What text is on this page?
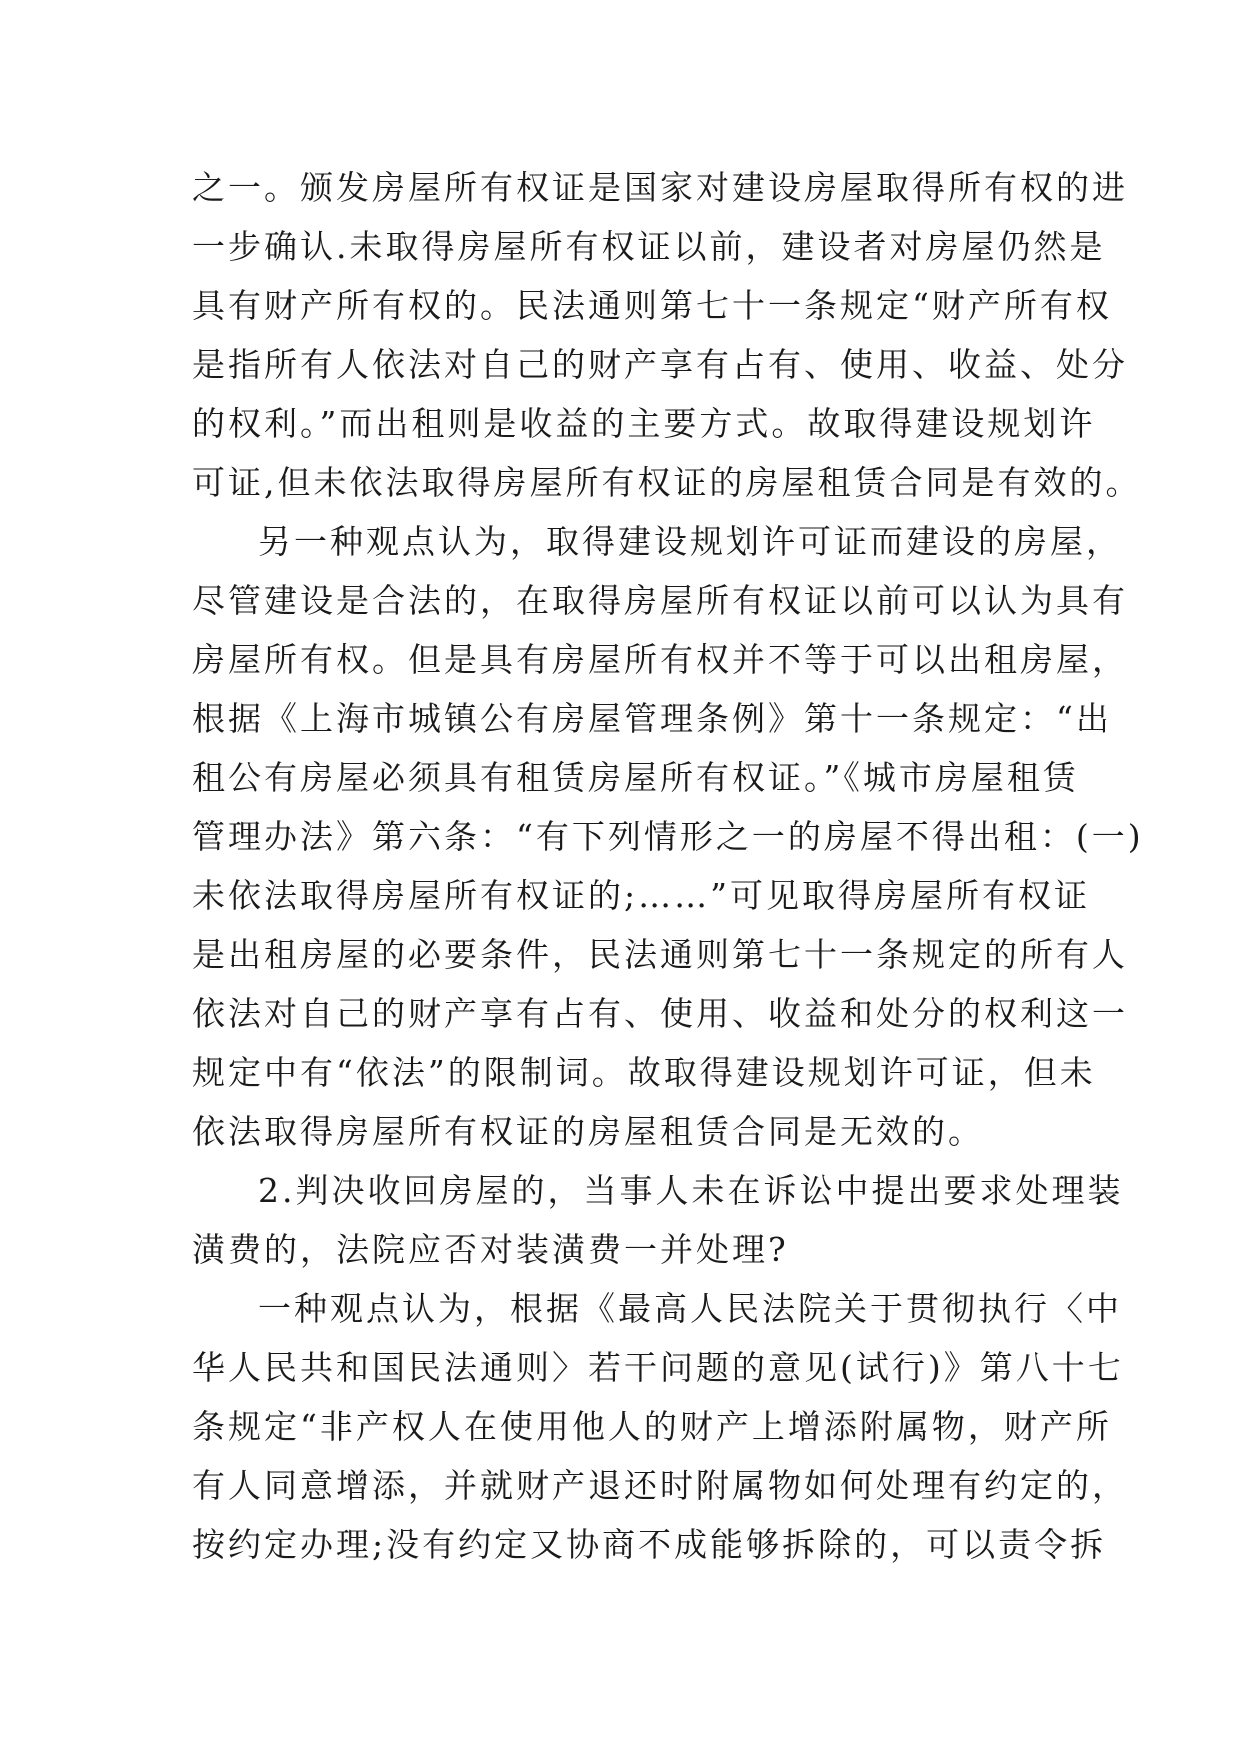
之一。颁发房屋所有权证是国家对建设房屋取得所有权的进
一步确认.未取得房屋所有权证以前，建设者对房屋仍然是
具有财产所有权的。民法通则第七十一条规定“财产所有权
是指所有人依法对自己的财产享有占有、使用、收益、处分
的权利。”而出租则是收益的主要方式。故取得建设规划许
可证,但未依法取得房屋所有权证的房屋租赁合同是有效的。
另一种观点认为，取得建设规划许可证而建设的房屋，
尽管建设是合法的，在取得房屋所有权证以前可以认为具有
房屋所有权。但是具有房屋所有权并不等于可以出租房屋，
根据《上海市城镇公有房屋管理条例》第十一条规定：“出
租公有房屋必须具有租赁房屋所有权证。”《城市房屋租赁
管理办法》第六条：“有下列情形之一的房屋不得出租：(一)
未依法取得房屋所有权证的;……”可见取得房屋所有权证
是出租房屋的必要条件，民法通则第七十一条规定的所有人
依法对自己的财产享有占有、使用、收益和处分的权利这一
规定中有“依法”的限制词。故取得建设规划许可证，但未
依法取得房屋所有权证的房屋租赁合同是无效的。
2.判决收回房屋的，当事人未在诉讼中提出要求处理装
潢费的，法院应否对装潢费一并处理?
一种观点认为，根据《最高人民法院关于贯彻执行〈中
华人民共和国民法通则〉若干问题的意见(试行)》第八十七
条规定“非产权人在使用他人的财产上增添附属物，财产所
有人同意增添，并就财产退还时附属物如何处理有约定的，
按约定办理;没有约定又协商不成能够拆除的，可以责令拆
